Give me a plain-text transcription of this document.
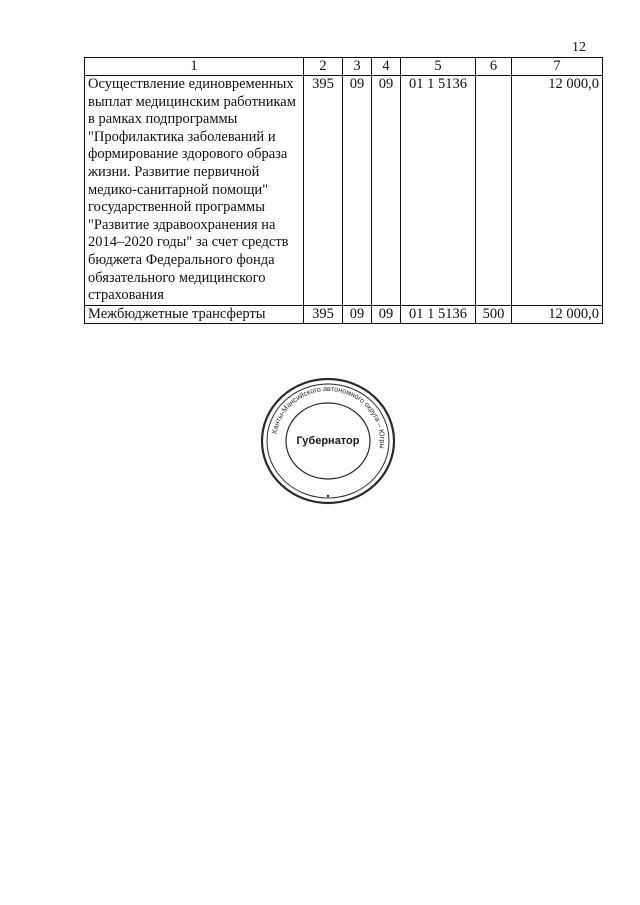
12
1	2	3	4	5	6	7
Осуществление единовременных выплат медицинским работникам в рамках подпрограммы "Профилактика заболеваний и формирование здорового образа жизни. Развитие первичной медико-санитарной помощи" государственной программы "Развитие здравоохранения на 2014–2020 годы" за счет средств бюджета Федерального фонда обязательного медицинского страхования	395	09	09	01 1 5136		12 000,0
Межбюджетные трансферты	395	09	09	01 1 5136	500	12 000,0
Ханты-Мансийского автономного округа – Югры
Губернатор
